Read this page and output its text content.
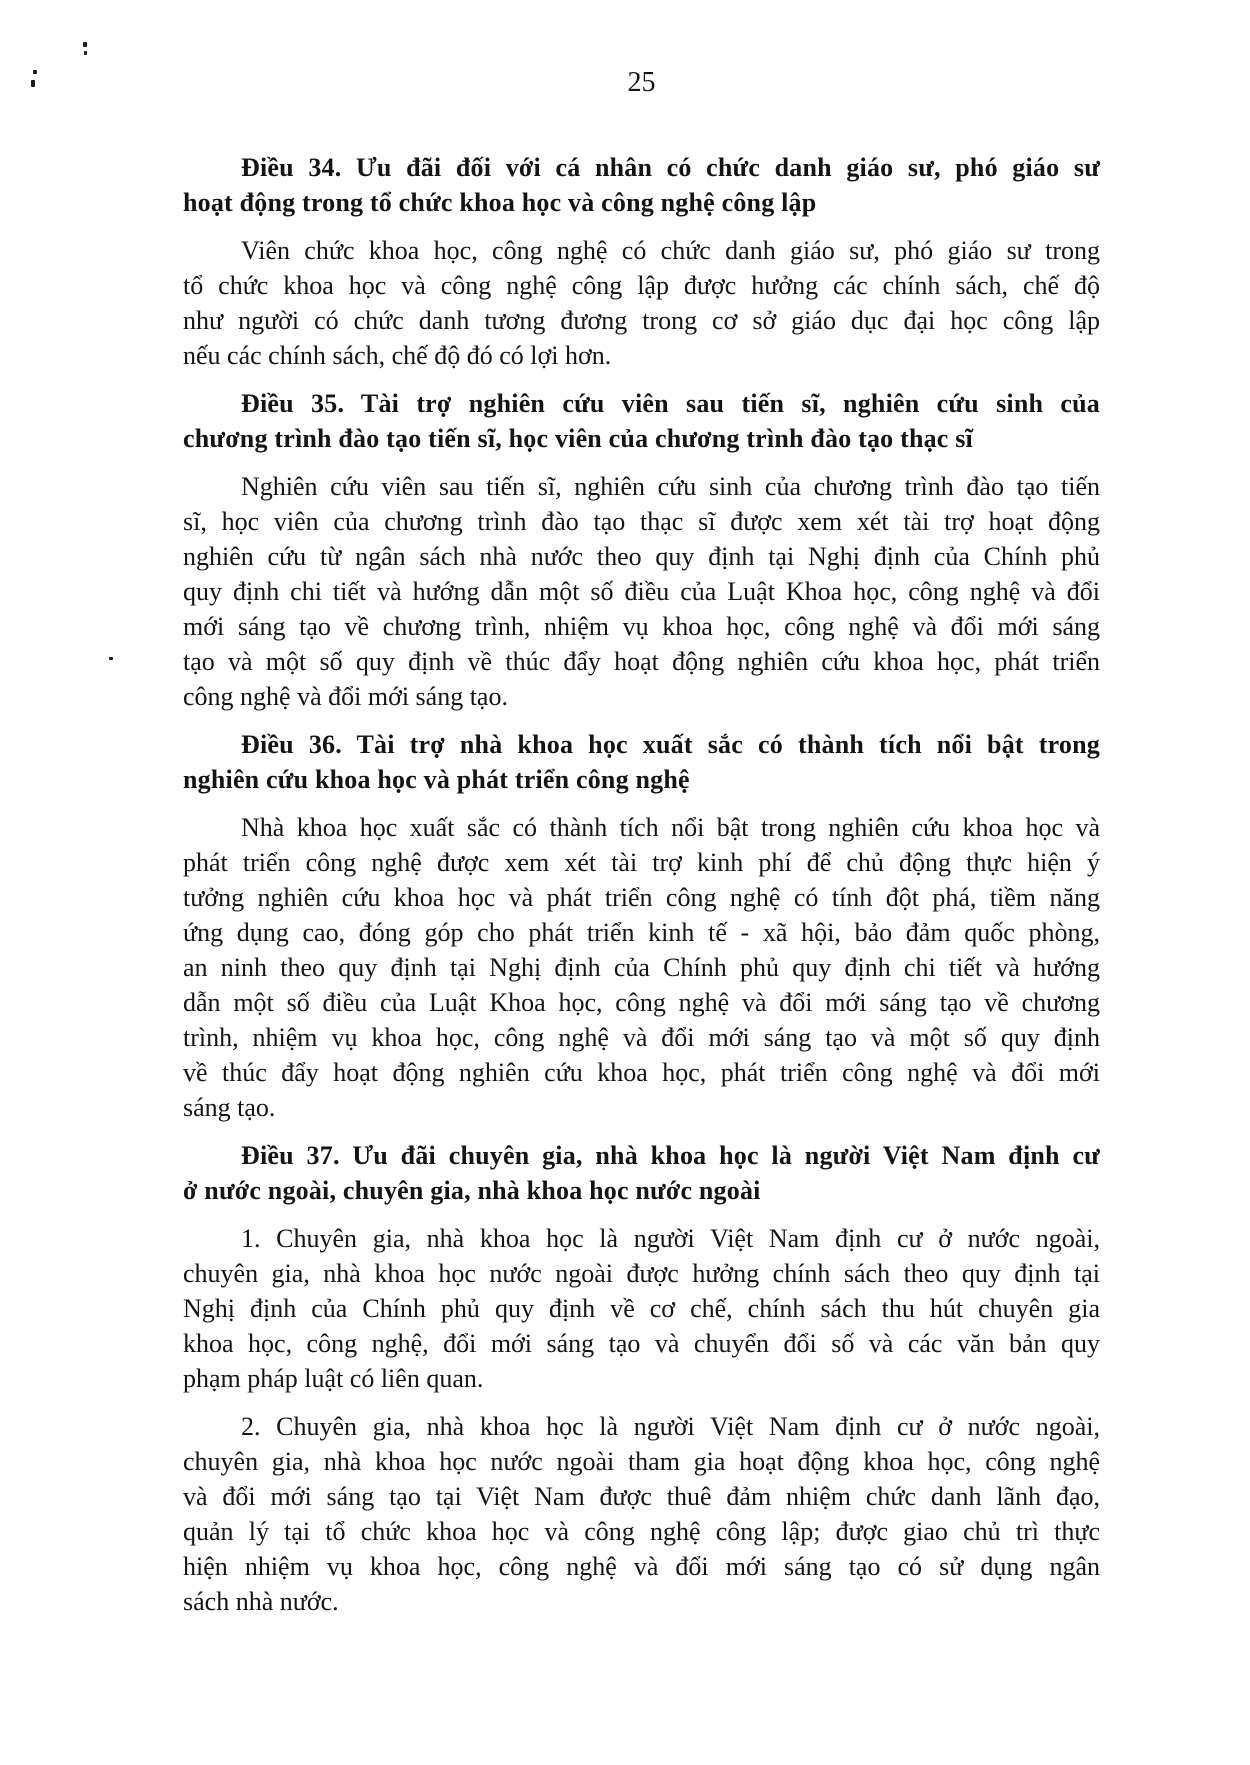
25
Điều 34. Ưu đãi đối với cá nhân có chức danh giáo sư, phó giáo sư
hoạt động trong tổ chức khoa học và công nghệ công lập
Viên chức khoa học, công nghệ có chức danh giáo sư, phó giáo sư trong
tổ chức khoa học và công nghệ công lập được hưởng các chính sách, chế độ
như người có chức danh tương đương trong cơ sở giáo dục đại học công lập
nếu các chính sách, chế độ đó có lợi hơn.
Điều 35. Tài trợ nghiên cứu viên sau tiến sĩ, nghiên cứu sinh của
chương trình đào tạo tiến sĩ, học viên của chương trình đào tạo thạc sĩ
Nghiên cứu viên sau tiến sĩ, nghiên cứu sinh của chương trình đào tạo tiến
sĩ, học viên của chương trình đào tạo thạc sĩ được xem xét tài trợ hoạt động
nghiên cứu từ ngân sách nhà nước theo quy định tại Nghị định của Chính phủ
quy định chi tiết và hướng dẫn một số điều của Luật Khoa học, công nghệ và đổi
mới sáng tạo về chương trình, nhiệm vụ khoa học, công nghệ và đổi mới sáng
tạo và một số quy định về thúc đẩy hoạt động nghiên cứu khoa học, phát triển
công nghệ và đổi mới sáng tạo.
Điều 36. Tài trợ nhà khoa học xuất sắc có thành tích nổi bật trong
nghiên cứu khoa học và phát triển công nghệ
Nhà khoa học xuất sắc có thành tích nổi bật trong nghiên cứu khoa học và
phát triển công nghệ được xem xét tài trợ kinh phí để chủ động thực hiện ý
tưởng nghiên cứu khoa học và phát triển công nghệ có tính đột phá, tiềm năng
ứng dụng cao, đóng góp cho phát triển kinh tế - xã hội, bảo đảm quốc phòng,
an ninh theo quy định tại Nghị định của Chính phủ quy định chi tiết và hướng
dẫn một số điều của Luật Khoa học, công nghệ và đổi mới sáng tạo về chương
trình, nhiệm vụ khoa học, công nghệ và đổi mới sáng tạo và một số quy định
về thúc đẩy hoạt động nghiên cứu khoa học, phát triển công nghệ và đổi mới
sáng tạo.
Điều 37. Ưu đãi chuyên gia, nhà khoa học là người Việt Nam định cư
ở nước ngoài, chuyên gia, nhà khoa học nước ngoài
1. Chuyên gia, nhà khoa học là người Việt Nam định cư ở nước ngoài,
chuyên gia, nhà khoa học nước ngoài được hưởng chính sách theo quy định tại
Nghị định của Chính phủ quy định về cơ chế, chính sách thu hút chuyên gia
khoa học, công nghệ, đổi mới sáng tạo và chuyển đổi số và các văn bản quy
phạm pháp luật có liên quan.
2. Chuyên gia, nhà khoa học là người Việt Nam định cư ở nước ngoài,
chuyên gia, nhà khoa học nước ngoài tham gia hoạt động khoa học, công nghệ
và đổi mới sáng tạo tại Việt Nam được thuê đảm nhiệm chức danh lãnh đạo,
quản lý tại tổ chức khoa học và công nghệ công lập; được giao chủ trì thực
hiện nhiệm vụ khoa học, công nghệ và đổi mới sáng tạo có sử dụng ngân
sách nhà nước.
